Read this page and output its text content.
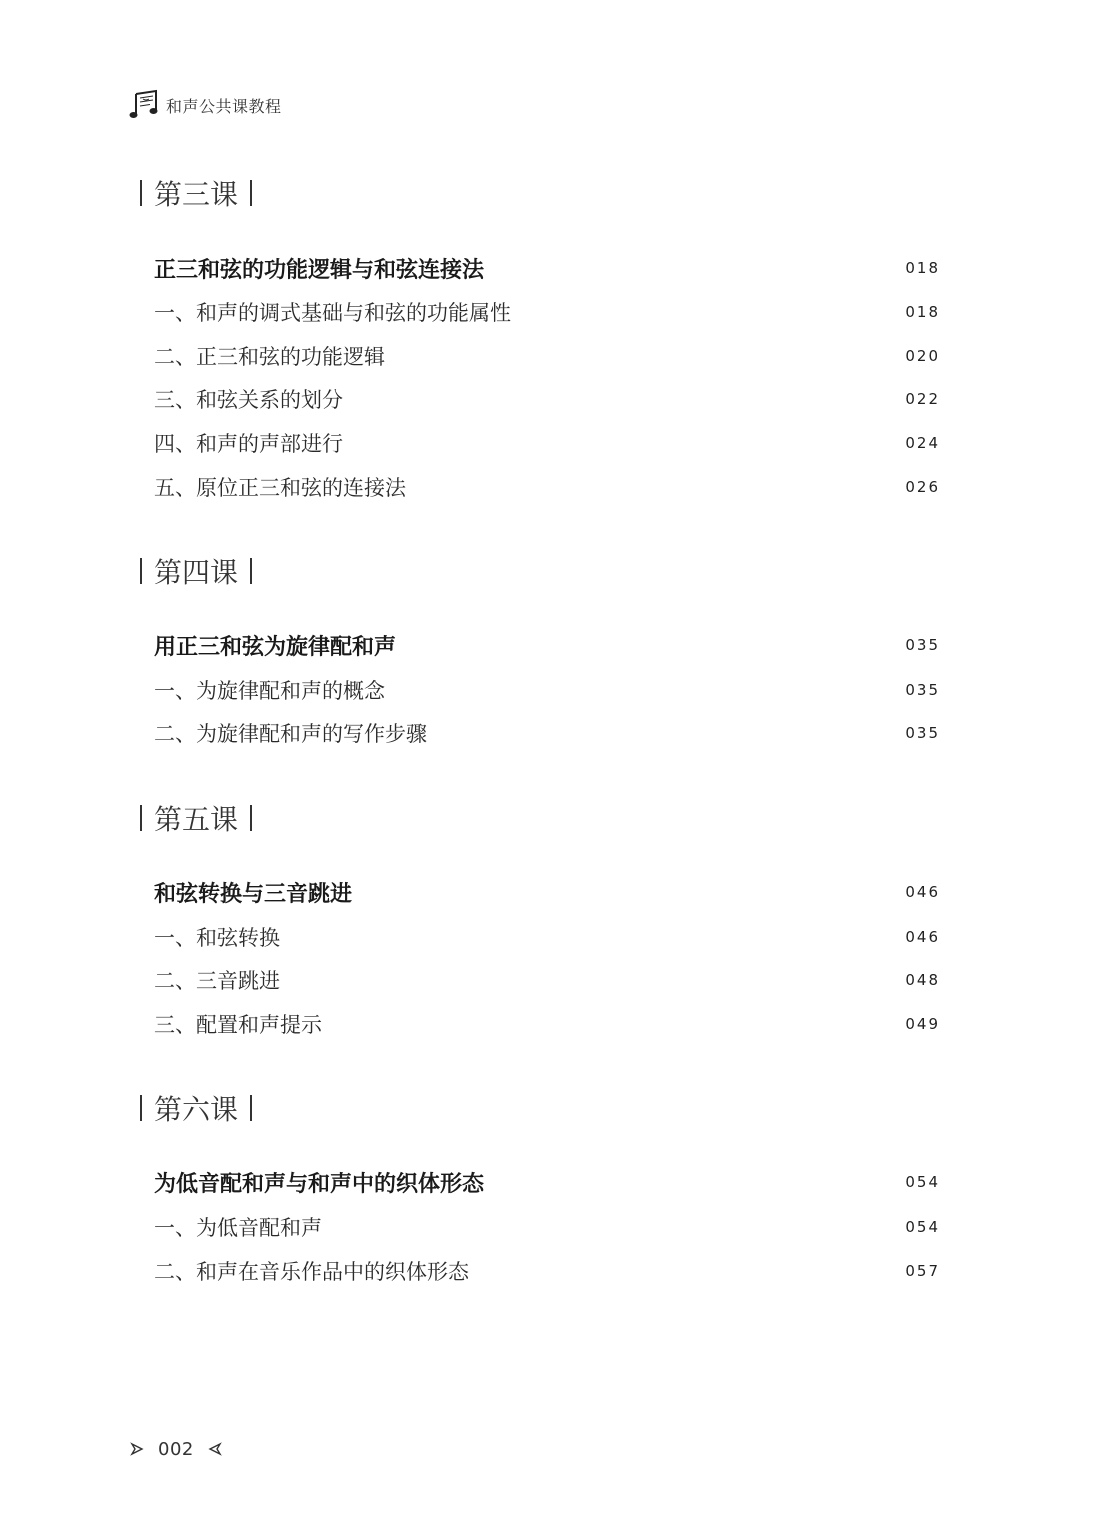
和声公共课教程
第三课
正三和弦的功能逻辑与和弦连接法	018
一、和声的调式基础与和弦的功能属性	018
二、正三和弦的功能逻辑	020
三、和弦关系的划分	022
四、和声的声部进行	024
五、原位正三和弦的连接法	026
第四课
用正三和弦为旋律配和声	035
一、为旋律配和声的概念	035
二、为旋律配和声的写作步骤	035
第五课
和弦转换与三音跳进	046
一、和弦转换	046
二、三音跳进	048
三、配置和声提示	049
第六课
为低音配和声与和声中的织体形态	054
一、为低音配和声	054
二、和声在音乐作品中的织体形态	057
002
